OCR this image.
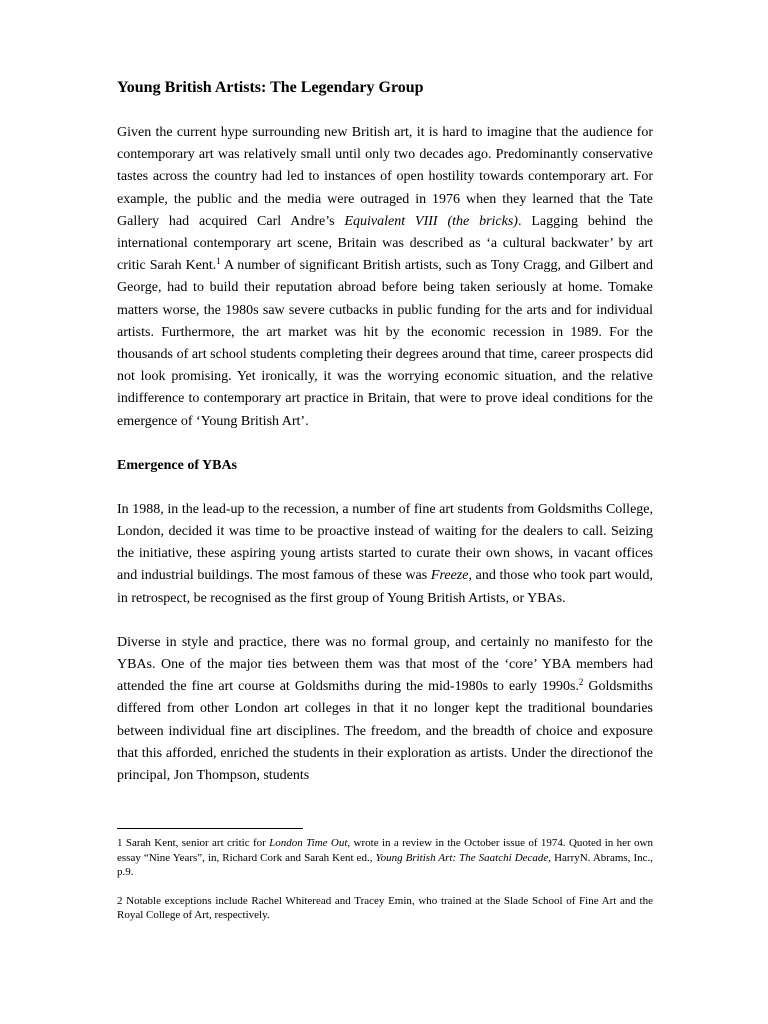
Young British Artists: The Legendary Group

Given the current hype surrounding new British art, it is hard to imagine that the audience for contemporary art was relatively small until only two decades ago. Predominantly conservative tastes across the country had led to instances of open hostility towards contemporary art. For example, the public and the media were outraged in 1976 when they learned that the Tate Gallery had acquired Carl Andre’s Equivalent VIII (the bricks). Lagging behind the international contemporary art scene, Britain was described as ‘a cultural backwater’ by art critic Sarah Kent.$^1$ A number of significant British artists, such as Tony Cragg, and Gilbert and George, had to build their reputation abroad before being taken seriously at home. Tomake matters worse, the 1980s saw severe cutbacks in public funding for the arts and for individual artists. Furthermore, the art market was hit by the economic recession in 1989. For the thousands of art school students completing their degrees around that time, career prospects did not look promising. Yet ironically, it was the worrying economic situation, and the relative indifference to contemporary art practice in Britain, that were to prove ideal conditions for the emergence of ‘Young British Art’.

Emergence of YBAs

In 1988, in the lead-up to the recession, a number of fine art students from Goldsmiths College, London, decided it was time to be proactive instead of waiting for the dealers to call. Seizing the initiative, these aspiring young artists started to curate their own shows, in vacant offices and industrial buildings. The most famous of these was Freeze, and those who took part would, in retrospect, be recognised as the first group of Young British Artists, or YBAs.

Diverse in style and practice, there was no formal group, and certainly no manifesto for the YBAs. One of the major ties between them was that most of the ‘core’ YBA members had attended the fine art course at Goldsmiths during the mid-1980s to early 1990s.$^2$ Goldsmiths differed from other London art colleges in that it no longer kept the traditional boundaries between individual fine art disciplines. The freedom, and the breadth of choice and exposure that this afforded, enriched the students in their exploration as artists. Under the directionof the principal, Jon Thompson, students

1 Sarah Kent, senior art critic for London Time Out, wrote in a review in the October issue of 1974. Quoted in her own essay “Nine Years”, in, Richard Cork and Sarah Kent ed., Young British Art: The Saatchi Decade, HarryN. Abrams, Inc., p.9.

2 Notable exceptions include Rachel Whiteread and Tracey Emin, who trained at the Slade School of Fine Art and the Royal College of Art, respectively.
